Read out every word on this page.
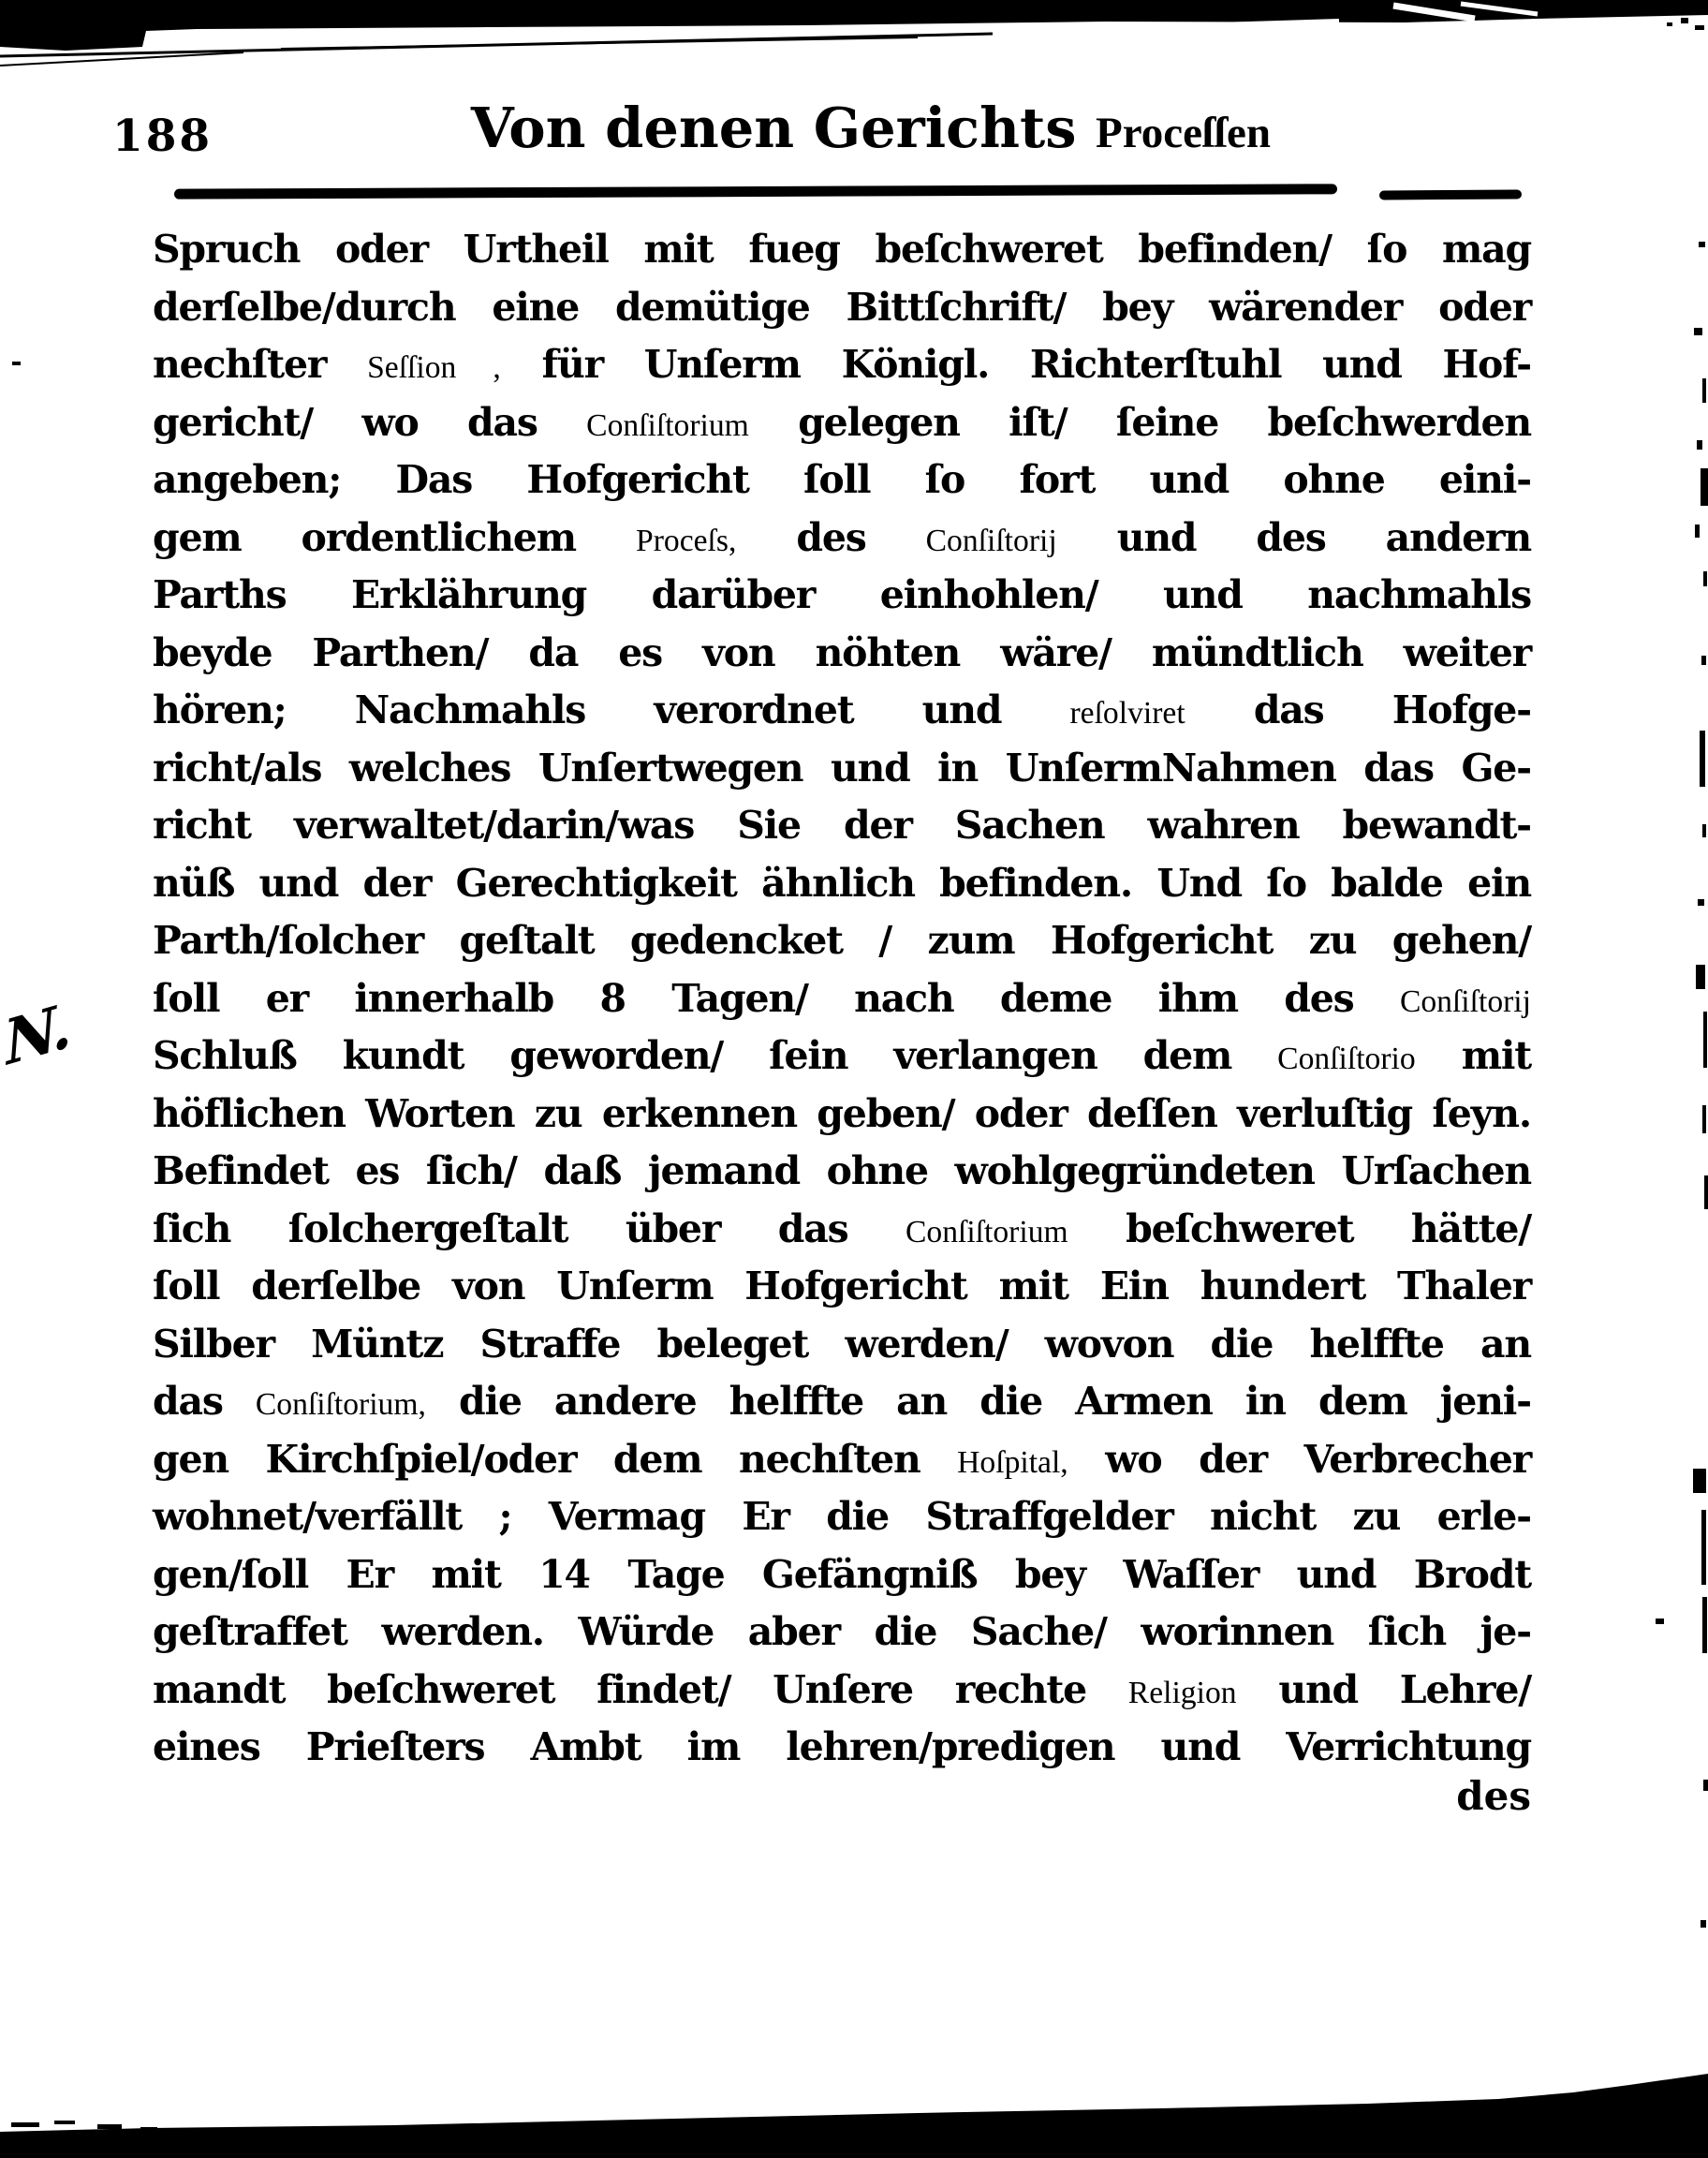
188	Von denen Gerichts Proceſſen
N.
Spruch oder Urtheil mit fueg beſchweret befinden/ ſo mag
derſelbe/durch eine demütige Bittſchrift/ bey wärender oder
nechſter Seſſion , für Unſerm Königl. Richterſtuhl und Hof-
gericht/ wo das Conſiſtorium gelegen iſt/ ſeine beſchwerden
angeben; Das Hofgericht ſoll ſo fort und ohne eini-
gem ordentlichem Proceſs, des Conſiſtorij und des andern
Parths Erklährung darüber einhohlen/ und nachmahls
beyde Parthen/ da es von nöhten wäre/ mündtlich weiter
hören; Nachmahls verordnet und reſolviret das Hofge-
richt/als welches Unſertwegen und in UnſermNahmen das Ge-
richt verwaltet/darin/was Sie der Sachen wahren bewandt-
nüß und der Gerechtigkeit ähnlich befinden. Und ſo balde ein
Parth/ſolcher geſtalt gedencket / zum Hofgericht zu gehen/
ſoll er innerhalb 8 Tagen/ nach deme ihm des Conſiſtorij
Schluß kundt geworden/ ſein verlangen dem Conſiſtorio mit
höflichen Worten zu erkennen geben/ oder deſſen verluſtig ſeyn.
Befindet es ſich/ daß jemand ohne wohlgegründeten Urſachen
ſich ſolchergeſtalt über das Conſiſtorium beſchweret hätte/
ſoll derſelbe von Unſerm Hofgericht mit Ein hundert Thaler
Silber Müntz Straffe beleget werden/ wovon die helffte an
das Conſiſtorium, die andere helffte an die Armen in dem jeni-
gen Kirchſpiel/oder dem nechſten Hoſpital, wo der Verbrecher
wohnet/verfällt ; Vermag Er die Straffgelder nicht zu erle-
gen/ſoll Er mit 14 Tage Gefängniß bey Waſſer und Brodt
geſtraffet werden. Würde aber die Sache/ worinnen ſich je-
mandt beſchweret findet/ Unſere rechte Religion und Lehre/
eines Prieſters Ambt im lehren/predigen und Verrichtung
des
